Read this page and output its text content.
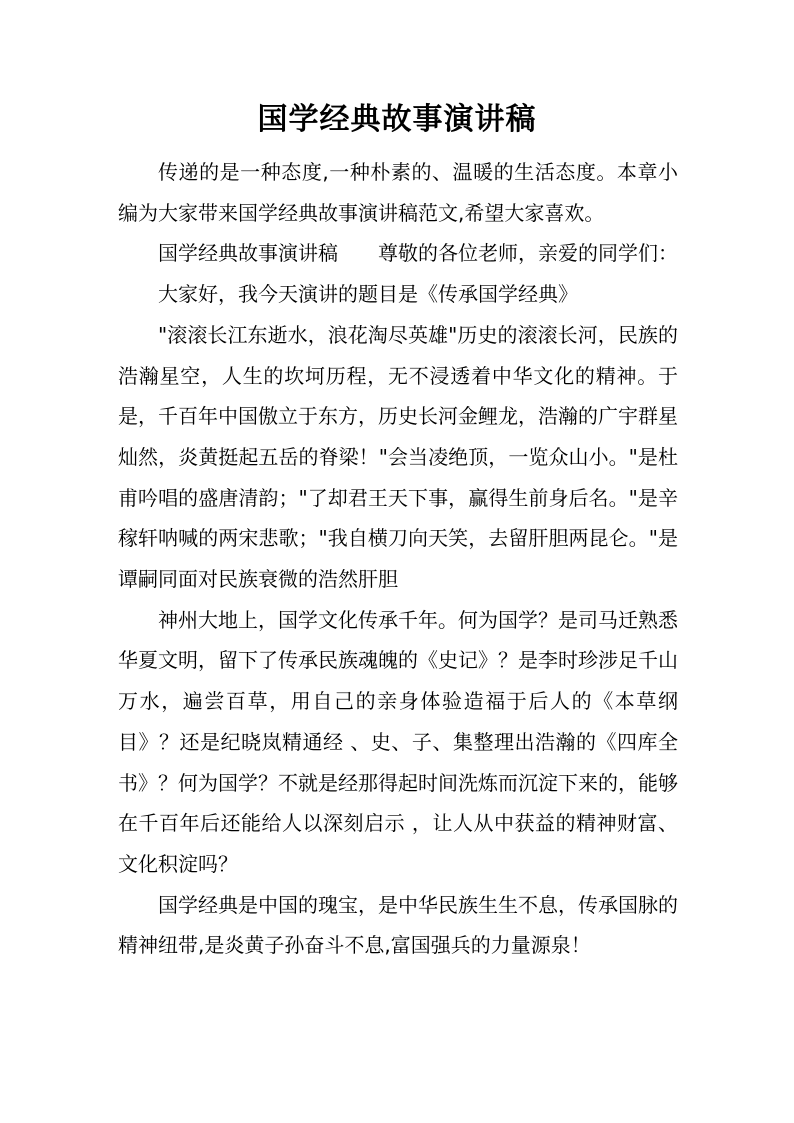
国学经典故事演讲稿

传递的是一种态度,一种朴素的、温暖的生活态度。本章小编为大家带来国学经典故事演讲稿范文,希望大家喜欢。

国学经典故事演讲稿　　尊敬的各位老师，亲爱的同学们：

大家好，我今天演讲的题目是《传承国学经典》

"滚滚长江东逝水，浪花淘尽英雄"历史的滚滚长河，民族的浩瀚星空，人生的坎坷历程，无不浸透着中华文化的精神。于是，千百年中国傲立于东方，历史长河金鲤龙，浩瀚的广宇群星灿然，炎黄挺起五岳的脊梁！"会当凌绝顶，一览众山小。"是杜甫吟唱的盛唐清韵；"了却君王天下事，赢得生前身后名。"是辛稼轩呐喊的两宋悲歌；"我自横刀向天笑，去留肝胆两昆仑。"是谭嗣同面对民族衰微的浩然肝胆

神州大地上，国学文化传承千年。何为国学？是司马迁熟悉华夏文明，留下了传承民族魂魄的《史记》？是李时珍涉足千山万水，遍尝百草，用自己的亲身体验造福于后人的《本草纲目》？还是纪晓岚精通经 、史、子、集整理出浩瀚的《四库全书》？何为国学？不就是经那得起时间洗炼而沉淀下来的，能够在千百年后还能给人以深刻启示 ，让人从中获益的精神财富、文化积淀吗？

国学经典是中国的瑰宝，是中华民族生生不息，传承国脉的精神纽带,是炎黄子孙奋斗不息,富国强兵的力量源泉！
